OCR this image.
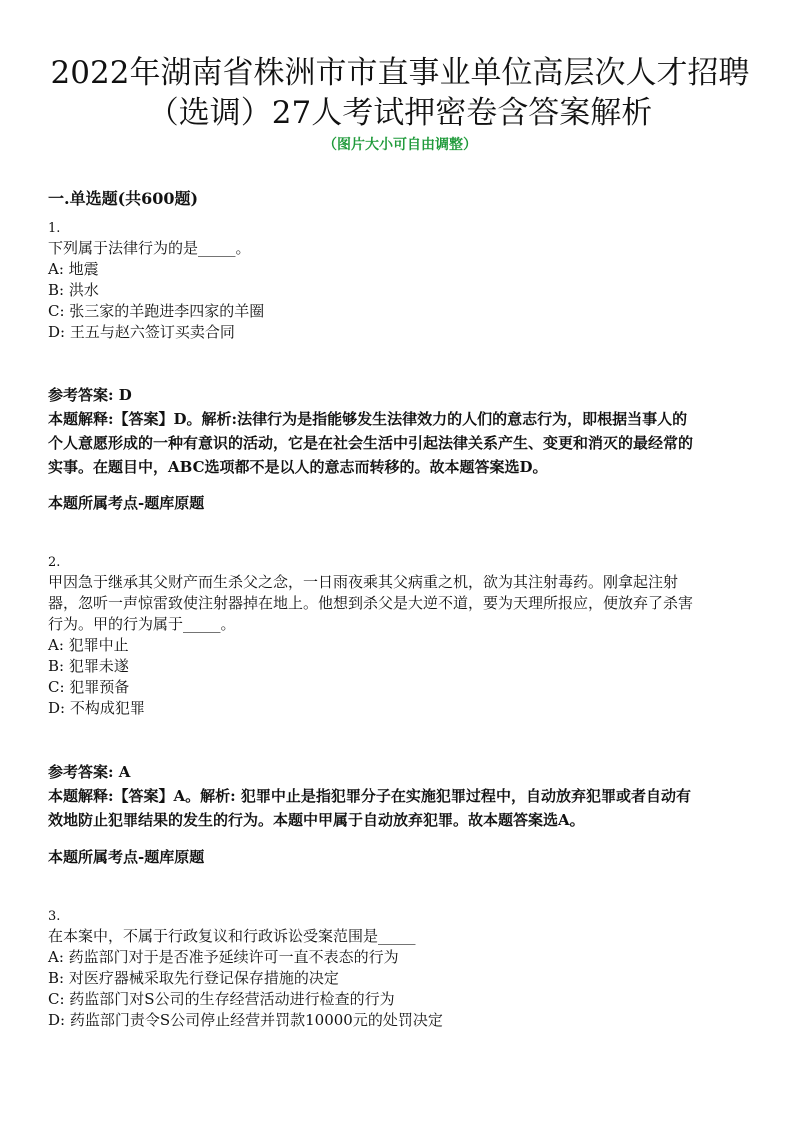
2022年湖南省株洲市市直事业单位高层次人才招聘
（选调）27人考试押密卷含答案解析
（图片大小可自由调整）
一.单选题(共600题)
1.
下列属于法律行为的是_____。
A: 地震
B: 洪水
C: 张三家的羊跑进李四家的羊圈
D: 王五与赵六签订买卖合同
参考答案: D
本题解释:【答案】D。解析:法律行为是指能够发生法律效力的人们的意志行为，即根据当事人的
个人意愿形成的一种有意识的活动，它是在社会生活中引起法律关系产生、变更和消灭的最经常的
实事。在题目中，ABC选项都不是以人的意志而转移的。故本题答案选D。
本题所属考点-题库原题
2.
甲因急于继承其父财产而生杀父之念，一日雨夜乘其父病重之机，欲为其注射毒药。刚拿起注射
器，忽听一声惊雷致使注射器掉在地上。他想到杀父是大逆不道，要为天理所报应，便放弃了杀害
行为。甲的行为属于_____。
A: 犯罪中止
B: 犯罪未遂
C: 犯罪预备
D: 不构成犯罪
参考答案: A
本题解释:【答案】A。解析: 犯罪中止是指犯罪分子在实施犯罪过程中，自动放弃犯罪或者自动有
效地防止犯罪结果的发生的行为。本题中甲属于自动放弃犯罪。故本题答案选A。
本题所属考点-题库原题
3.
在本案中，不属于行政复议和行政诉讼受案范围是_____
A: 药监部门对于是否准予延续许可一直不表态的行为
B: 对医疗器械采取先行登记保存措施的决定
C: 药监部门对S公司的生存经营活动进行检查的行为
D: 药监部门责令S公司停止经营并罚款10000元的处罚决定
